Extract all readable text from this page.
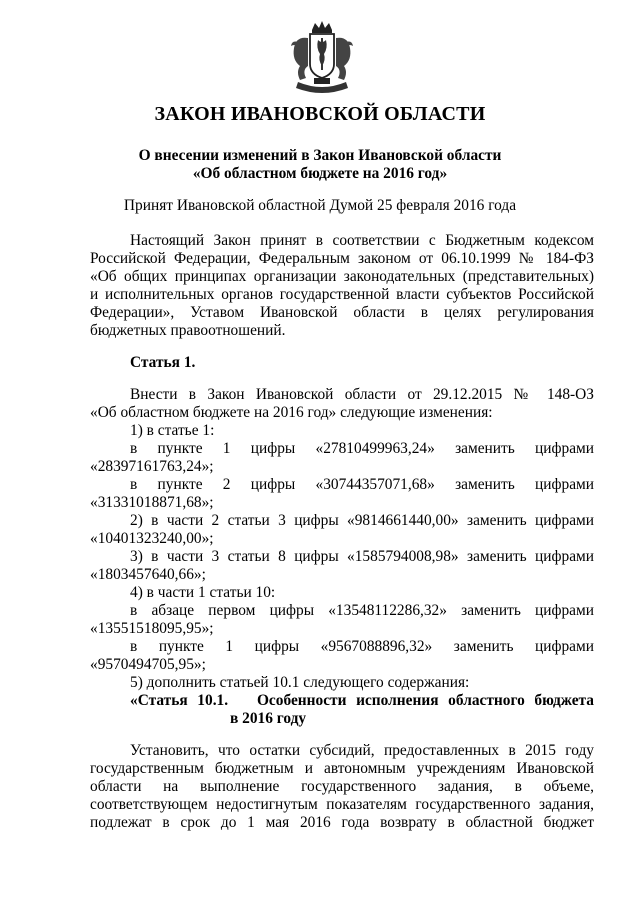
ЗАКОН ИВАНОВСКОЙ ОБЛАСТИ
О внесении изменений в Закон Ивановской области
«Об областном бюджете на 2016 год»
Принят Ивановской областной Думой 25 февраля 2016 года
Настоящий Закон принят в соответствии с Бюджетным кодексом
Российской Федерации, Федеральным законом от 06.10.1999 № 184-ФЗ
«Об общих принципах организации законодательных (представительных)
и исполнительных органов государственной власти субъектов Российской
Федерации», Уставом Ивановской области в целях регулирования
бюджетных правоотношений.
Статья 1.
Внести в Закон Ивановской области от 29.12.2015 № 148-ОЗ
«Об областном бюджете на 2016 год» следующие изменения:
1) в статье 1:
в пункте 1 цифры «27810499963,24» заменить цифрами
«28397161763,24»;
в пункте 2 цифры «30744357071,68» заменить цифрами
«31331018871,68»;
2) в части 2 статьи 3 цифры «9814661440,00» заменить цифрами
«10401323240,00»;
3) в части 3 статьи 8 цифры «1585794008,98» заменить цифрами
«1803457640,66»;
4) в части 1 статьи 10:
в абзаце первом цифры «13548112286,32» заменить цифрами
«13551518095,95»;
в пункте 1 цифры «9567088896,32» заменить цифрами
«9570494705,95»;
5) дополнить статьей 10.1 следующего содержания:
«Статья 10.1.   Особенности исполнения областного бюджета
в 2016 году
Установить, что остатки субсидий, предоставленных в 2015 году
государственным бюджетным и автономным учреждениям Ивановской
области на выполнение государственного задания, в объеме,
соответствующем недостигнутым показателям государственного задания,
подлежат в срок до 1 мая 2016 года возврату в областной бюджет
